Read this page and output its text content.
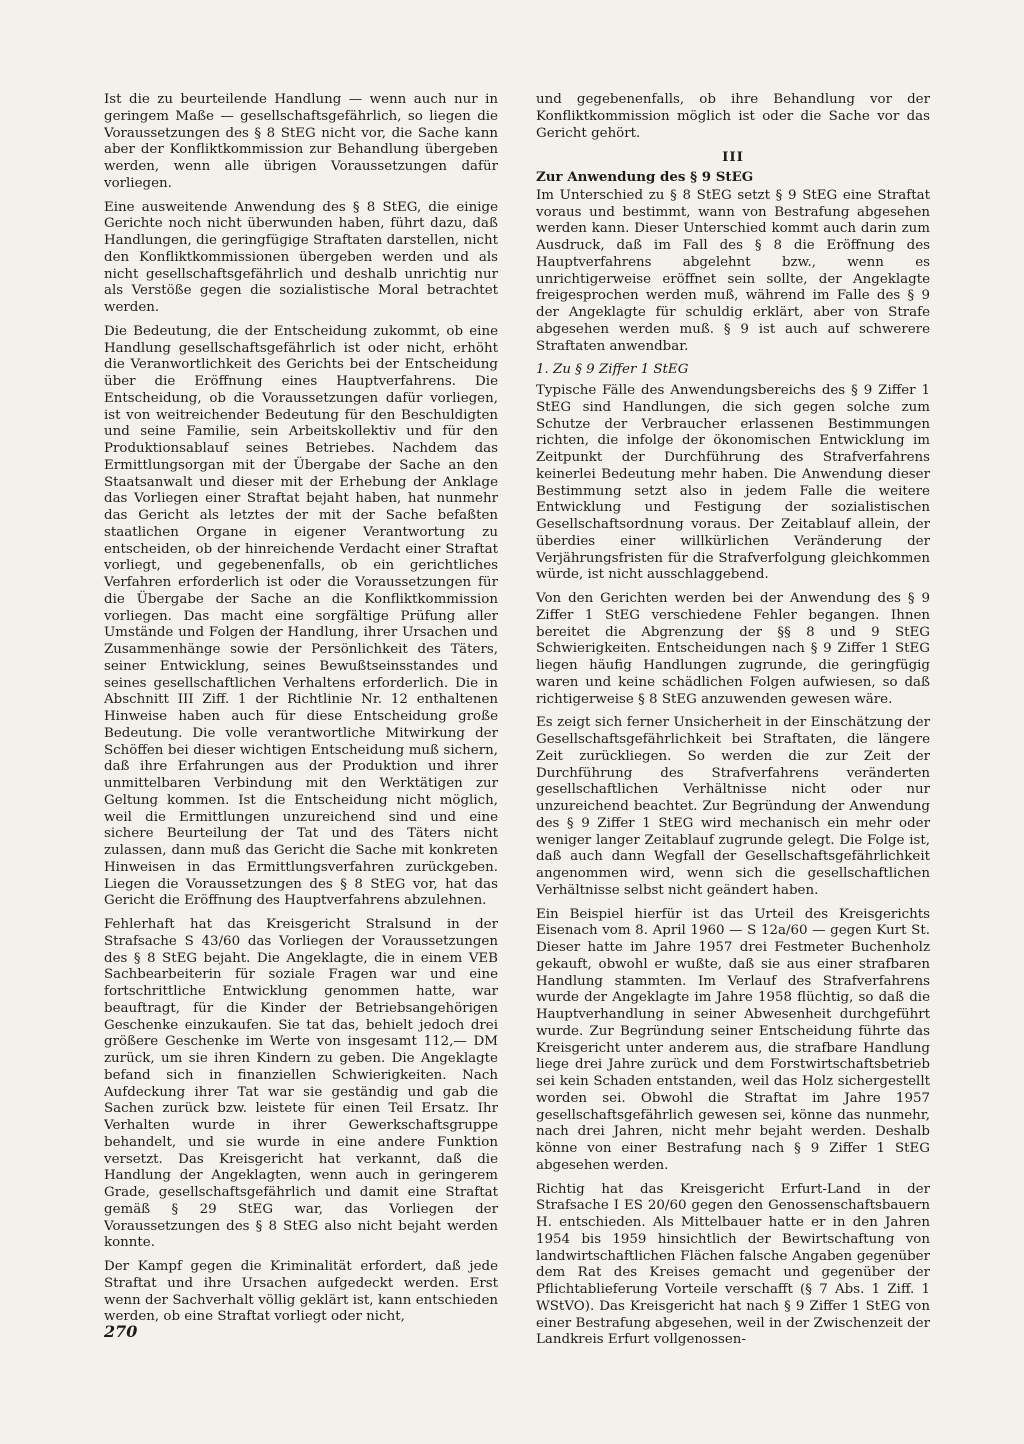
Ist die zu beurteilende Handlung — wenn auch nur in geringem Maße — gesellschaftsgefährlich, so liegen die Voraussetzungen des § 8 StEG nicht vor, die Sache kann aber der Konfliktkommission zur Behandlung übergeben werden, wenn alle übrigen Voraussetzungen dafür vorliegen.

Eine ausweitende Anwendung des § 8 StEG, die einige Gerichte noch nicht überwunden haben, führt dazu, daß Handlungen, die geringfügige Straftaten darstellen, nicht den Konfliktkommissionen übergeben werden und als nicht gesellschaftsgefährlich und deshalb unrichtig nur als Verstöße gegen die sozialistische Moral betrachtet werden.

Die Bedeutung, die der Entscheidung zukommt, ob eine Handlung gesellschaftsgefährlich ist oder nicht, erhöht die Veranwortlichkeit des Gerichts bei der Entscheidung über die Eröffnung eines Hauptverfahrens. Die Entscheidung, ob die Voraussetzungen dafür vorliegen, ist von weitreichender Bedeutung für den Beschuldigten und seine Familie, sein Arbeitskollektiv und für den Produktionsablauf seines Betriebes. Nachdem das Ermittlungsorgan mit der Übergabe der Sache an den Staatsanwalt und dieser mit der Erhebung der Anklage das Vorliegen einer Straftat bejaht haben, hat nunmehr das Gericht als letztes der mit der Sache befaßten staatlichen Organe in eigener Verantwortung zu entscheiden, ob der hinreichende Verdacht einer Straftat vorliegt, und gegebenenfalls, ob ein gerichtliches Verfahren erforderlich ist oder die Voraussetzungen für die Übergabe der Sache an die Konfliktkommission vorliegen. Das macht eine sorgfältige Prüfung aller Umstände und Folgen der Handlung, ihrer Ursachen und Zusammenhänge sowie der Persönlichkeit des Täters, seiner Entwicklung, seines Bewußtseinsstandes und seines gesellschaftlichen Verhaltens erforderlich. Die in Abschnitt III Ziff. 1 der Richtlinie Nr. 12 enthaltenen Hinweise haben auch für diese Entscheidung große Bedeutung. Die volle verantwortliche Mitwirkung der Schöffen bei dieser wichtigen Entscheidung muß sichern, daß ihre Erfahrungen aus der Produktion und ihrer unmittelbaren Verbindung mit den Werktätigen zur Geltung kommen. Ist die Entscheidung nicht möglich, weil die Ermittlungen unzureichend sind und eine sichere Beurteilung der Tat und des Täters nicht zulassen, dann muß das Gericht die Sache mit konkreten Hinweisen in das Ermittlungsverfahren zurückgeben. Liegen die Voraussetzungen des § 8 StEG vor, hat das Gericht die Eröffnung des Hauptverfahrens abzulehnen.

Fehlerhaft hat das Kreisgericht Stralsund in der Strafsache S 43/60 das Vorliegen der Voraussetzungen des § 8 StEG bejaht. Die Angeklagte, die in einem VEB Sachbearbeiterin für soziale Fragen war und eine fortschrittliche Entwicklung genommen hatte, war beauftragt, für die Kinder der Betriebsangehörigen Geschenke einzukaufen. Sie tat das, behielt jedoch drei größere Geschenke im Werte von insgesamt 112,— DM zurück, um sie ihren Kindern zu geben. Die Angeklagte befand sich in finanziellen Schwierigkeiten. Nach Aufdeckung ihrer Tat war sie geständig und gab die Sachen zurück bzw. leistete für einen Teil Ersatz. Ihr Verhalten wurde in ihrer Gewerkschaftsgruppe behandelt, und sie wurde in eine andere Funktion versetzt. Das Kreisgericht hat verkannt, daß die Handlung der Angeklagten, wenn auch in geringerem Grade, gesellschaftsgefährlich und damit eine Straftat gemäß § 29 StEG war, das Vorliegen der Voraussetzungen des § 8 StEG also nicht bejaht werden konnte.

Der Kampf gegen die Kriminalität erfordert, daß jede Straftat und ihre Ursachen aufgedeckt werden. Erst wenn der Sachverhalt völlig geklärt ist, kann entschieden werden, ob eine Straftat vorliegt oder nicht,

und gegebenenfalls, ob ihre Behandlung vor der Konfliktkommission möglich ist oder die Sache vor das Gericht gehört.

III
Zur Anwendung des § 9 StEG

Im Unterschied zu § 8 StEG setzt § 9 StEG eine Straftat voraus und bestimmt, wann von Bestrafung abgesehen werden kann. Dieser Unterschied kommt auch darin zum Ausdruck, daß im Fall des § 8 die Eröffnung des Hauptverfahrens abgelehnt bzw., wenn es unrichtigerweise eröffnet sein sollte, der Angeklagte freigesprochen werden muß, während im Falle des § 9 der Angeklagte für schuldig erklärt, aber von Strafe abgesehen werden muß. § 9 ist auch auf schwerere Straftaten anwendbar.

1. Zu § 9 Ziffer 1 StEG

Typische Fälle des Anwendungsbereichs des § 9 Ziffer 1 StEG sind Handlungen, die sich gegen solche zum Schutze der Verbraucher erlassenen Bestimmungen richten, die infolge der ökonomischen Entwicklung im Zeitpunkt der Durchführung des Strafverfahrens keinerlei Bedeutung mehr haben. Die Anwendung dieser Bestimmung setzt also in jedem Falle die weitere Entwicklung und Festigung der sozialistischen Gesellschaftsordnung voraus. Der Zeitablauf allein, der überdies einer willkürlichen Veränderung der Verjährungsfristen für die Strafverfolgung gleichkommen würde, ist nicht ausschlaggebend.

Von den Gerichten werden bei der Anwendung des § 9 Ziffer 1 StEG verschiedene Fehler begangen. Ihnen bereitet die Abgrenzung der §§ 8 und 9 StEG Schwierigkeiten. Entscheidungen nach § 9 Ziffer 1 StEG liegen häufig Handlungen zugrunde, die geringfügig waren und keine schädlichen Folgen aufwiesen, so daß richtigerweise § 8 StEG anzuwenden gewesen wäre.

Es zeigt sich ferner Unsicherheit in der Einschätzung der Gesellschaftsgefährlichkeit bei Straftaten, die längere Zeit zurückliegen. So werden die zur Zeit der Durchführung des Strafverfahrens veränderten gesellschaftlichen Verhältnisse nicht oder nur unzureichend beachtet. Zur Begründung der Anwendung des § 9 Ziffer 1 StEG wird mechanisch ein mehr oder weniger langer Zeitablauf zugrunde gelegt. Die Folge ist, daß auch dann Wegfall der Gesellschaftsgefährlichkeit angenommen wird, wenn sich die gesellschaftlichen Verhältnisse selbst nicht geändert haben.

Ein Beispiel hierfür ist das Urteil des Kreisgerichts Eisenach vom 8. April 1960 — S 12a/60 — gegen Kurt St. Dieser hatte im Jahre 1957 drei Festmeter Buchenholz gekauft, obwohl er wußte, daß sie aus einer strafbaren Handlung stammten. Im Verlauf des Strafverfahrens wurde der Angeklagte im Jahre 1958 flüchtig, so daß die Hauptverhandlung in seiner Abwesenheit durchgeführt wurde. Zur Begründung seiner Entscheidung führte das Kreisgericht unter anderem aus, die strafbare Handlung liege drei Jahre zurück und dem Forstwirtschaftsbetrieb sei kein Schaden entstanden, weil das Holz sichergestellt worden sei. Obwohl die Straftat im Jahre 1957 gesellschaftsgefährlich gewesen sei, könne das nunmehr, nach drei Jahren, nicht mehr bejaht werden. Deshalb könne von einer Bestrafung nach § 9 Ziffer 1 StEG abgesehen werden.

Richtig hat das Kreisgericht Erfurt-Land in der Strafsache I ES 20/60 gegen den Genossenschaftsbauern H. entschieden. Als Mittelbauer hatte er in den Jahren 1954 bis 1959 hinsichtlich der Bewirtschaftung von landwirtschaftlichen Flächen falsche Angaben gegenüber dem Rat des Kreises gemacht und gegenüber der Pflichtablieferung Vorteile verschafft (§ 7 Abs. 1 Ziff. 1 WStVO). Das Kreisgericht hat nach § 9 Ziffer 1 StEG von einer Bestrafung abgesehen, weil in der Zwischenzeit der Landkreis Erfurt vollgenossen-

270
